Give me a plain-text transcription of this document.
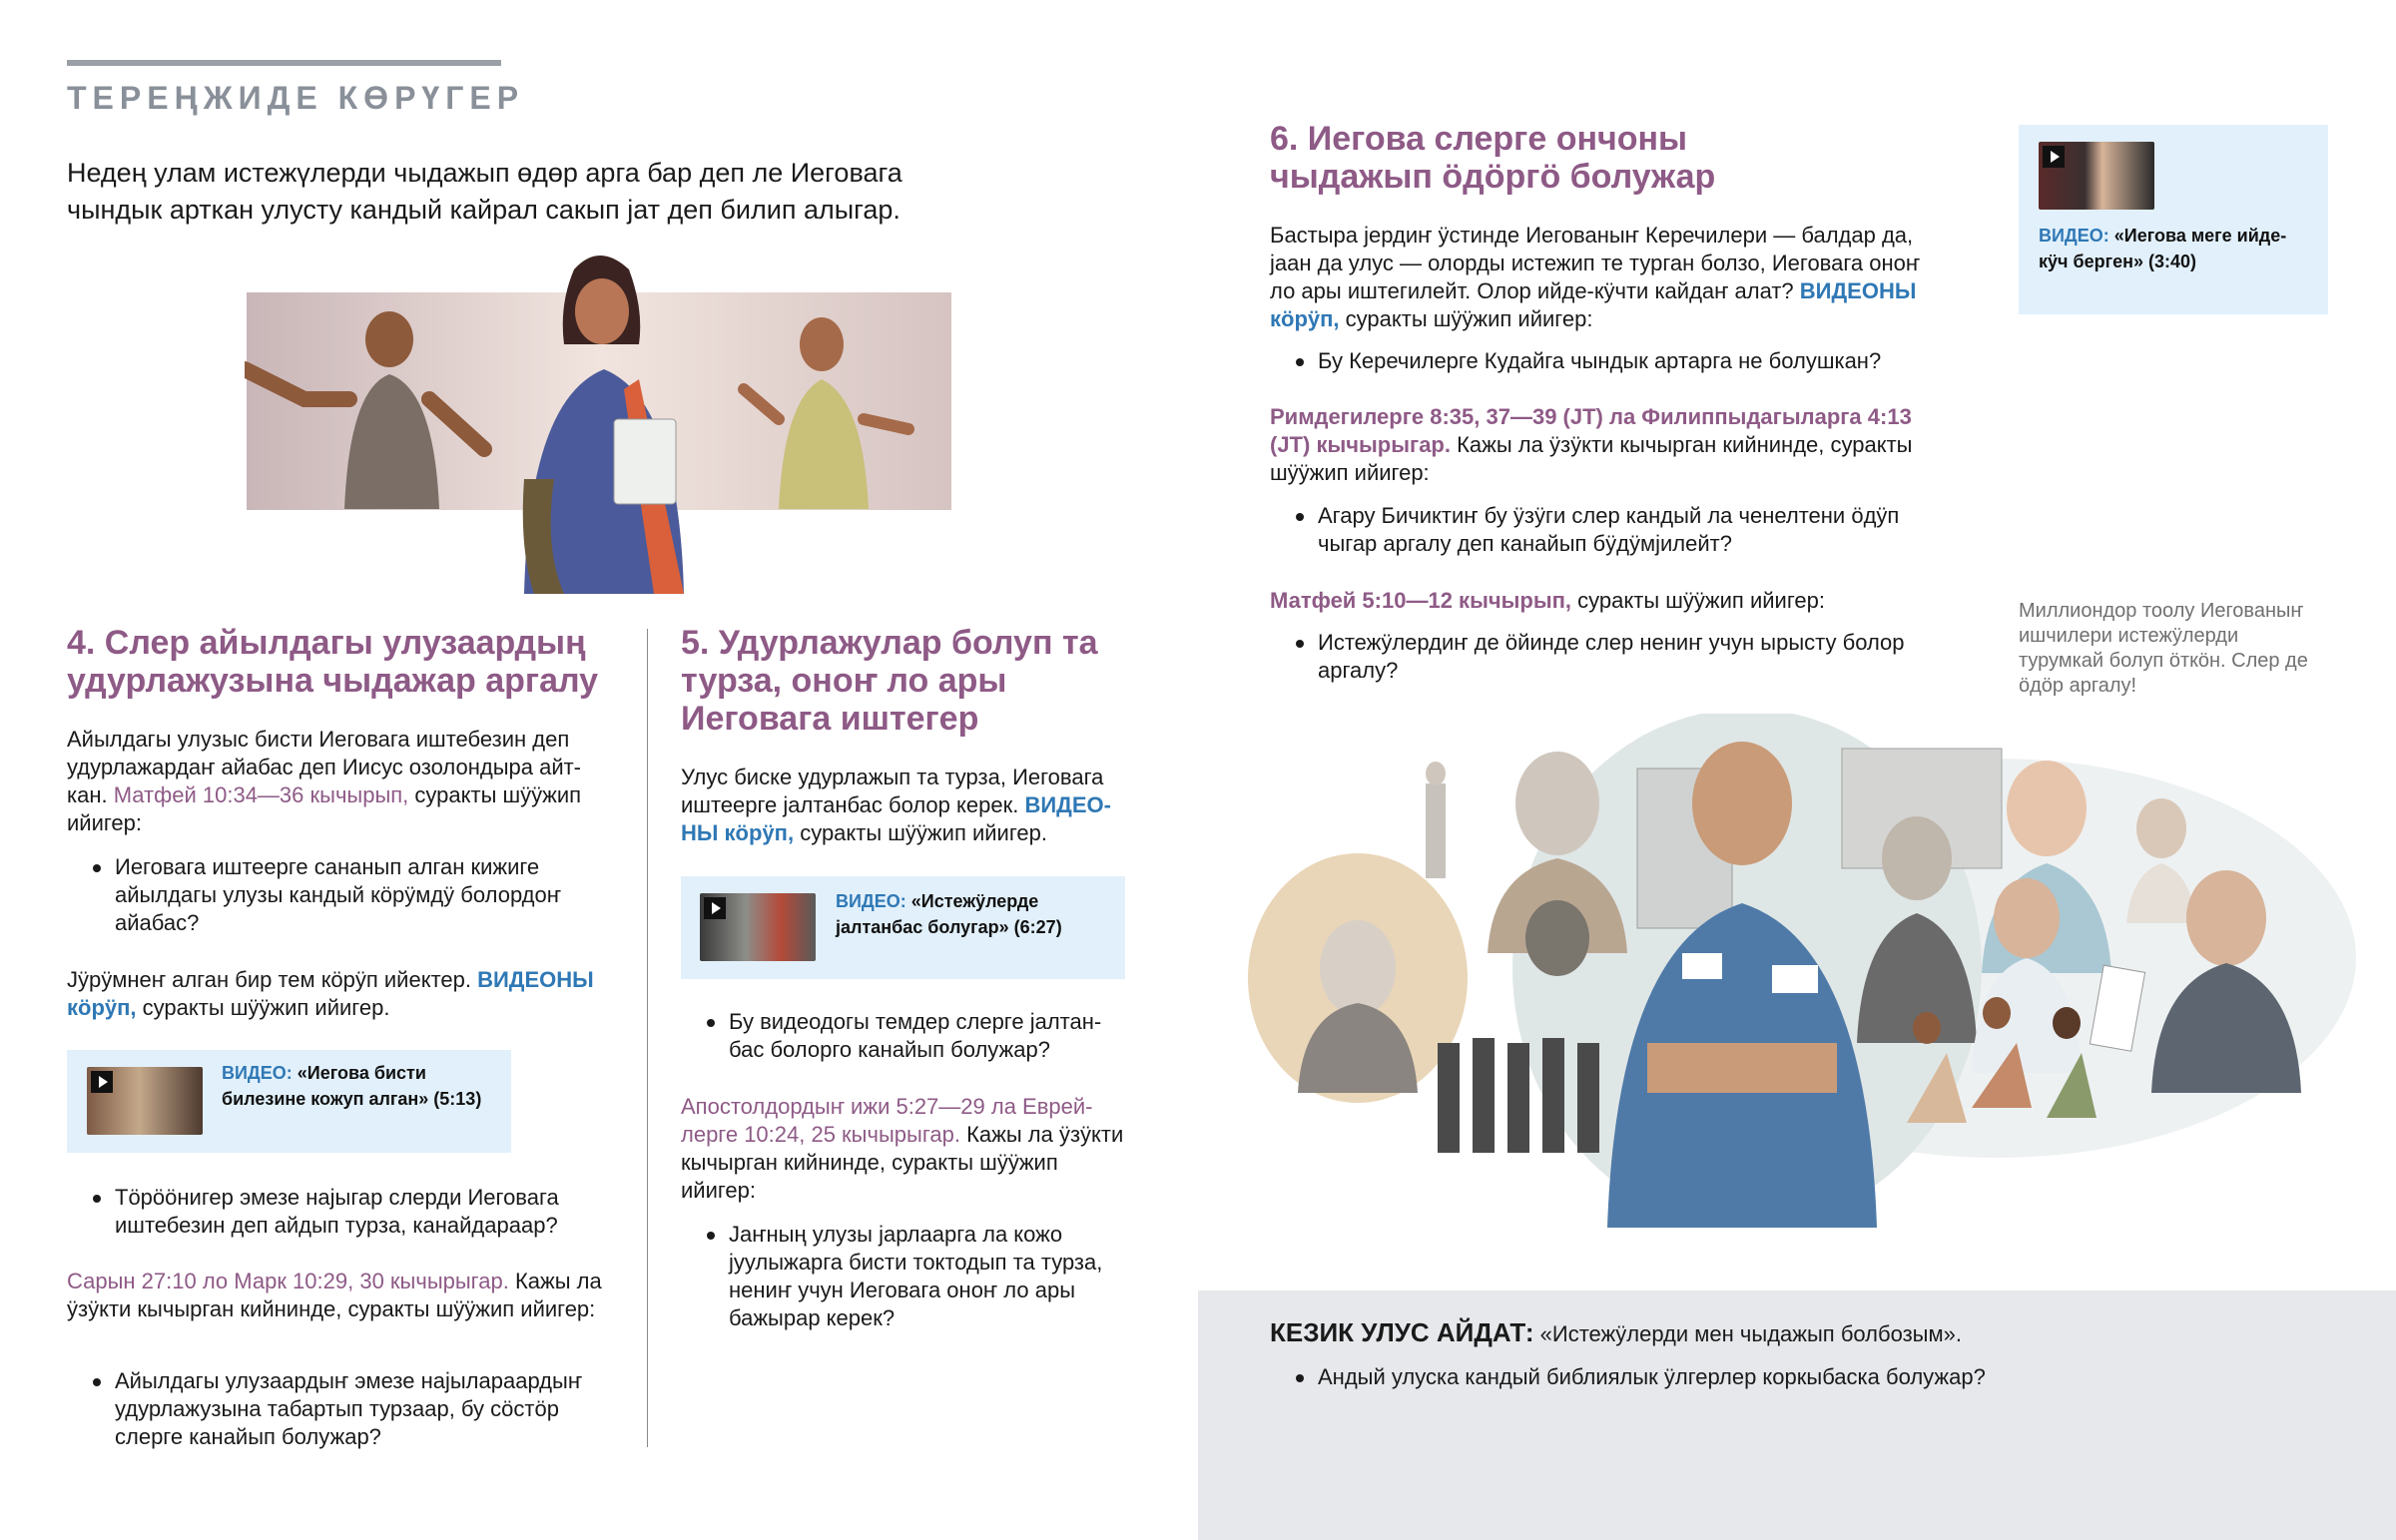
ТЕРЕҢЖИДЕ КӨРҮГЕР
Недең улам истежүлерди чыдажып өдөр арга бар деп ле Иеговага чындык арткан улусту кандый кайрал сакып јат деп билип алыгар.
4. Слер айылдагы улузаардың удурлажузына чыдажар аргалу
Айылдагы улузыс бисти Иеговага иштебезин деп удурлажардаҥ айабас деп Иисус озолондыра айт-кан. Матфей 10:34—36 кычырып, суракты шӱӱжип ийигер:
Иеговага иштеерге сананып алган кижиге айылдагы улузы кандый кӧрӱмдӱ болордоҥ айабас?
Јӱрӱмнеҥ алган бир тем кӧрӱп ийектер. ВИДЕОНЫ кӧрӱп, суракты шӱӱжип ийигер.
ВИДЕО: «Иегова бисти билезине кожуп алган» (5:13)
Тӧрӧӧнигер эмезе најыгар слерди Иеговага иштебезин деп айдып турза, канайдараар?
Сарын 27:10 ло Марк 10:29, 30 кычырыгар. Кажы ла ӱзӱкти кычырган кийнинде, суракты шӱӱжип ийигер:
Айылдагы улузаардыҥ эмезе најыларaардыҥ удурлажузына табартып турзаар, бу сӧстӧр слерге канайып болужар?
5. Удурлажулар болуп та турза, оноҥ ло ары Иеговага иштегер
Улус биске удурлажып та турза, Иеговага иштеерге јалтанбас болор керек. ВИДЕО-НЫ кӧрӱп, суракты шӱӱжип ийигер.
ВИДЕО: «Истежӱлерде јалтанбас болугар» (6:27)
Бу видеодогы темдер слерге јалтан-бас болорго канайып болужар?
Апостолдордыҥ ижи 5:27—29 ла Еврей-лерге 10:24, 25 кычырыгар. Кажы ла ӱзӱкти кычырган кийнинде, суракты шӱӱжип ийигер:
Јаҥның улузы јарлаарга ла кожо јуулыжарга бисти токтодып та турза, нениҥ учун Иеговага оноҥ ло ары бажырар керек?
6. Иегова слерге ончоны чыдажып ӧдӧргӧ болужар
ВИДЕО: «Иегова меге ийде-кӱч берген» (3:40)
Бастыра јердиҥ ӱстинде Иегованыҥ Керечилери — балдар да, јаан да улус — олорды истежип те турган болзо, Иеговага оноҥ ло ары иштегилейт. Олор ийде-кӱчти кайдаҥ алат? ВИДЕОНЫ кӧрӱп, суракты шӱӱжип ийигер:
Бу Керечилерге Кудайга чындык артарга не болушкан?
Римдегилерге 8:35, 37—39 (ЈТ) ла Филиппыдагыларга 4:13 (ЈТ) кычырыгар. Кажы ла ӱзӱкти кычырган кийнинде, суракты шӱӱжип ийигер:
Агару Бичиктиҥ бу ӱзӱги слер кандый ла ченелтени ӧдӱп чыгар аргалу деп канайып бӱдӱмјилейт?
Матфей 5:10—12 кычырып, суракты шӱӱжип ийигер:
Истежӱлердиҥ де ӧйинде слер нениҥ учун ырысту болор аргалу?
Миллиондор тоолу Иегованыҥ ишчилери истежӱлерди турумкай болуп ӧткӧн. Слер де ӧдӧр аргалу!
КЕЗИК УЛУС АЙДАТ: «Истежӱлерди мен чыдажып болбозым».
Андый улуска кандый библиялык ӱлгерлер коркыбаска болужар?
